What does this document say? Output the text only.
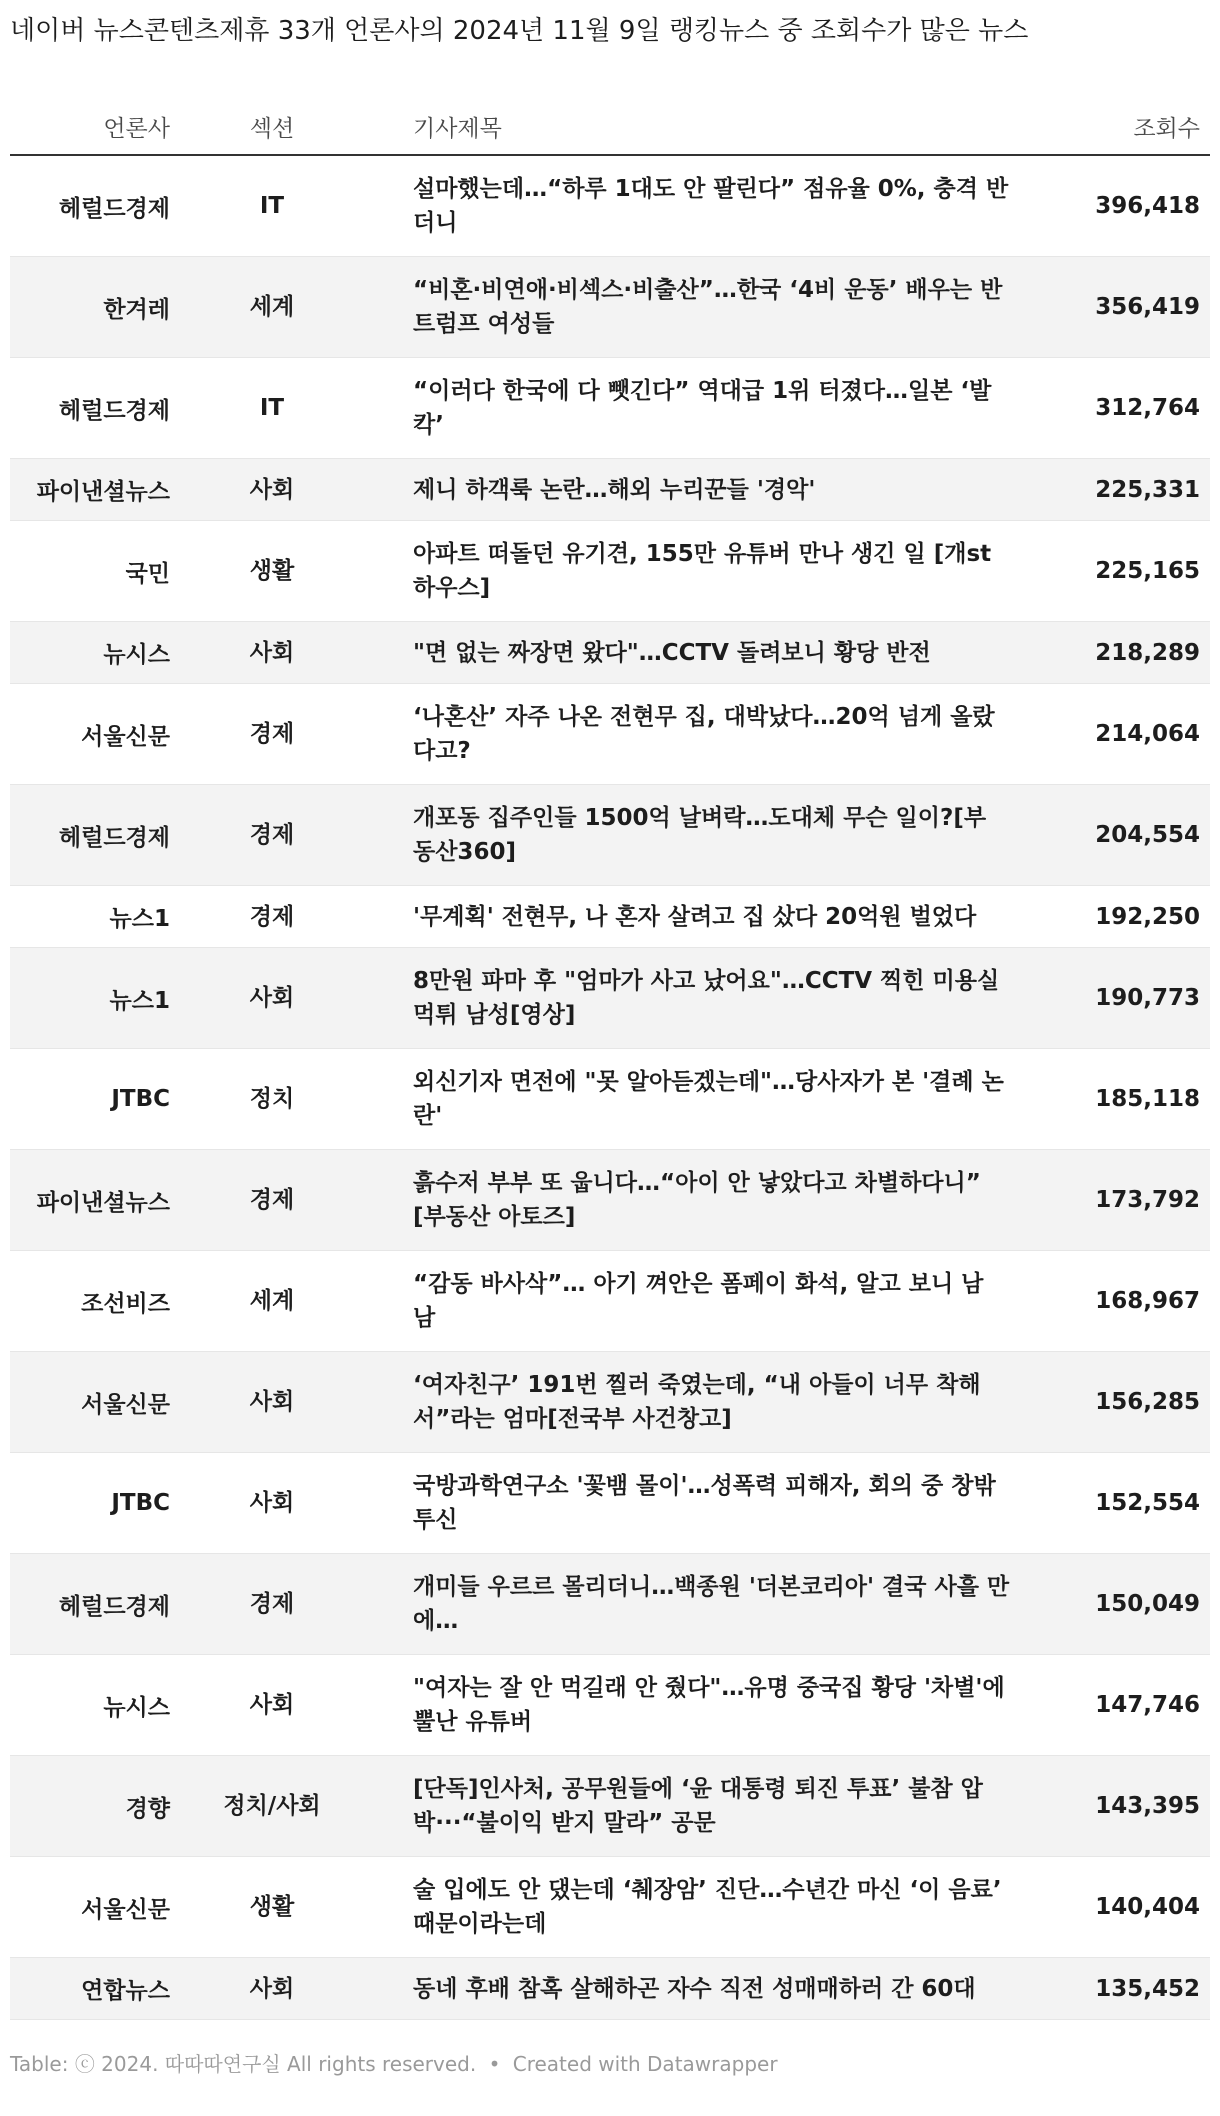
네이버 뉴스콘텐츠제휴 33개 언론사의 2024년 11월 9일 랭킹뉴스 중 조회수가 많은 뉴스
언론사	섹션	기사제목	조회수
헤럴드경제	IT	설마했는데…“하루 1대도 안 팔린다” 점유율 0%, 충격 반 더니	396,418
한겨레	세계	“비혼·비연애·비섹스·비출산”…한국 ‘4비 운동’ 배우는 반 트럼프 여성들	356,419
헤럴드경제	IT	“이러다 한국에 다 뺏긴다” 역대급 1위 터졌다…일본 ‘발 칵’	312,764
파이낸셜뉴스	사회	제니 하객룩 논란…해외 누리꾼들 '경악'	225,331
국민	생활	아파트 떠돌던 유기견, 155만 유튜버 만나 생긴 일 [개st 하우스]	225,165
뉴시스	사회	"면 없는 짜장면 왔다"…CCTV 돌려보니 황당 반전	218,289
서울신문	경제	‘나혼산’ 자주 나온 전현무 집, 대박났다…20억 넘게 올랐 다고?	214,064
헤럴드경제	경제	개포동 집주인들 1500억 날벼락…도대체 무슨 일이?[부 동산360]	204,554
뉴스1	경제	'무계획' 전현무, 나 혼자 살려고 집 샀다 20억원 벌었다	192,250
뉴스1	사회	8만원 파마 후 "엄마가 사고 났어요"…CCTV 찍힌 미용실 먹튀 남성[영상]	190,773
JTBC	정치	외신기자 면전에 "못 알아듣겠는데"…당사자가 본 '결례 논란'	185,118
파이낸셜뉴스	경제	흙수저 부부 또 웁니다…“아이 안 낳았다고 차별하다니” [부동산 아토즈]	173,792
조선비즈	세계	“감동 바사삭”… 아기 껴안은 폼페이 화석, 알고 보니 남 남	168,967
서울신문	사회	‘여자친구’ 191번 찔러 죽였는데, “내 아들이 너무 착해 서”라는 엄마[전국부 사건창고]	156,285
JTBC	사회	국방과학연구소 '꽃뱀 몰이'…성폭력 피해자, 회의 중 창밖 투신	152,554
헤럴드경제	경제	개미들 우르르 몰리더니…백종원 '더본코리아' 결국 사흘 만에…	150,049
뉴시스	사회	"여자는 잘 안 먹길래 안 줬다"…유명 중국집 황당 '차별'에 뿔난 유튜버	147,746
경향	정치/사회	[단독]인사처, 공무원들에 ‘윤 대통령 퇴진 투표’ 불참 압 박···“불이익 받지 말라” 공문	143,395
서울신문	생활	술 입에도 안 댔는데 ‘췌장암’ 진단…수년간 마신 ‘이 음료’ 때문이라는데	140,404
연합뉴스	사회	동네 후배 참혹 살해하곤 자수 직전 성매매하러 간 60대	135,452
Table: ⓒ 2024. 따따따연구실 All rights reserved. • Created with Datawrapper
